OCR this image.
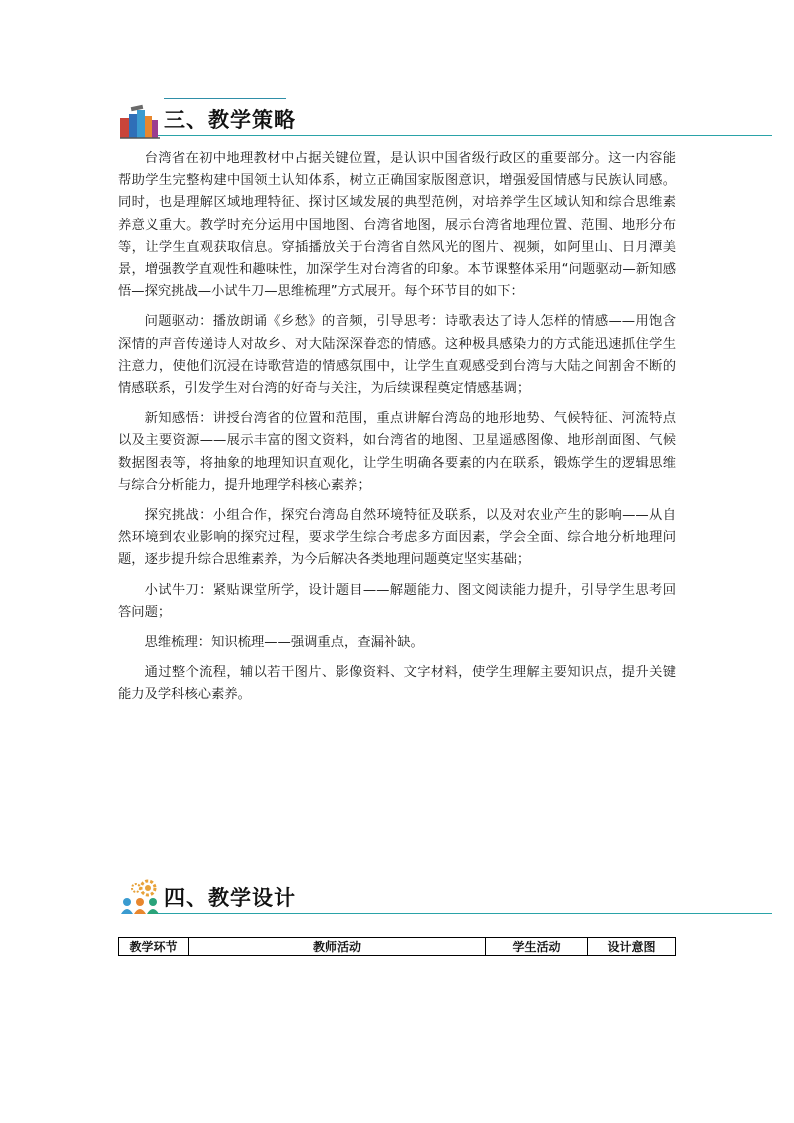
三、教学策略

台湾省在初中地理教材中占据关键位置，是认识中国省级行政区的重要部分。这一内容能帮助学生完整构建中国领土认知体系，树立正确国家版图意识，增强爱国情感与民族认同感。同时，也是理解区域地理特征、探讨区域发展的典型范例，对培养学生区域认知和综合思维素养意义重大。教学时充分运用中国地图、台湾省地图，展示台湾省地理位置、范围、地形分布等，让学生直观获取信息。穿插播放关于台湾省自然风光的图片、视频，如阿里山、日月潭美景，增强教学直观性和趣味性，加深学生对台湾省的印象。本节课整体采用“问题驱动—新知感悟—探究挑战—小试牛刀—思维梳理”方式展开。每个环节目的如下：

问题驱动：播放朗诵《乡愁》的音频，引导思考：诗歌表达了诗人怎样的情感——用饱含深情的声音传递诗人对故乡、对大陆深深眷恋的情感。这种极具感染力的方式能迅速抓住学生注意力，使他们沉浸在诗歌营造的情感氛围中，让学生直观感受到台湾与大陆之间割舍不断的情感联系，引发学生对台湾的好奇与关注，为后续课程奠定情感基调；

新知感悟：讲授台湾省的位置和范围，重点讲解台湾岛的地形地势、气候特征、河流特点以及主要资源——展示丰富的图文资料，如台湾省的地图、卫星遥感图像、地形剖面图、气候数据图表等，将抽象的地理知识直观化，让学生明确各要素的内在联系，锻炼学生的逻辑思维与综合分析能力，提升地理学科核心素养；

探究挑战：小组合作，探究台湾岛自然环境特征及联系，以及对农业产生的影响——从自然环境到农业影响的探究过程，要求学生综合考虑多方面因素，学会全面、综合地分析地理问题，逐步提升综合思维素养，为今后解决各类地理问题奠定坚实基础；

小试牛刀：紧贴课堂所学，设计题目——解题能力、图文阅读能力提升，引导学生思考回答问题；

思维梳理：知识梳理——强调重点，查漏补缺。

通过整个流程，辅以若干图片、影像资料、文字材料，使学生理解主要知识点，提升关键能力及学科核心素养。

四、教学设计
教学环节	教师活动	学生活动	设计意图
